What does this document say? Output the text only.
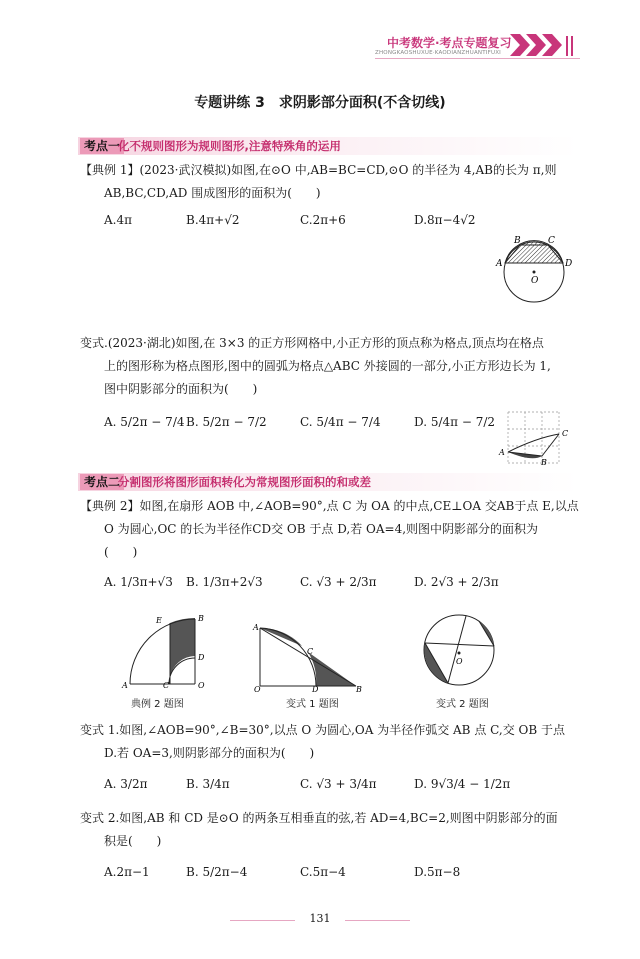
中考数学·考点专题复习
ZHONGKAOSHUXUE·KAODIANZHUANTIFUXI
专题讲练 3　求阴影部分面积(不含切线)
考点一
化不规则图形为规则图形,注意特殊角的运用
【典例 1】(2023·武汉模拟)如图,在⊙O 中,AB=BC=CD,⊙O 的半径为 4,AB的长为 π,则
AB,BC,CD,AD 围成图形的面积为(　　)
A.4π	B.4π+√2	C.2π+6	D.8π−4√2
A
B	C
D
O
变式.(2023·湖北)如图,在 3×3 的正方形网格中,小正方形的顶点称为格点,顶点均在格点
上的图形称为格点图形,图中的圆弧为格点△ABC 外接圆的一部分,小正方形边长为 1,
图中阴影部分的面积为(　　)
A. 5/2π − 7/4 B. 5/2π − 7/2	C. 5/4π − 7/4	D. 5/4π − 7/2
A
B
C
考点二
分割图形将图形面积转化为常规图形面积的和或差
【典例 2】如图,在扇形 AOB 中,∠AOB=90°,点 C 为 OA 的中点,CE⊥OA 交AB于点 E,以点
O 为圆心,OC 的长为半径作CD交 OB 于点 D,若 OA=4,则图中阴影部分的面积为
(　　)
A. 1/3π+√3 B. 1/3π+2√3	C. √3 + 2/3π	D. 2√3 + 2/3π
A	C	O
E	B
D
典例 2 题图
A
C
O	D	B
变式 1 题图
O
变式 2 题图
变式 1.如图,∠AOB=90°,∠B=30°,以点 O 为圆心,OA 为半径作弧交 AB 点 C,交 OB 于点
D.若 OA=3,则阴影部分的面积为(　　)
A. 3/2π	B. 3/4π	C. √3 + 3/4π	D. 9√3/4 − 1/2π
变式 2.如图,AB 和 CD 是⊙O 的两条互相垂直的弦,若 AD=4,BC=2,则图中阴影部分的面
积是(　　)
A.2π−1	B. 5/2π−4	C.5π−4	D.5π−8
131
